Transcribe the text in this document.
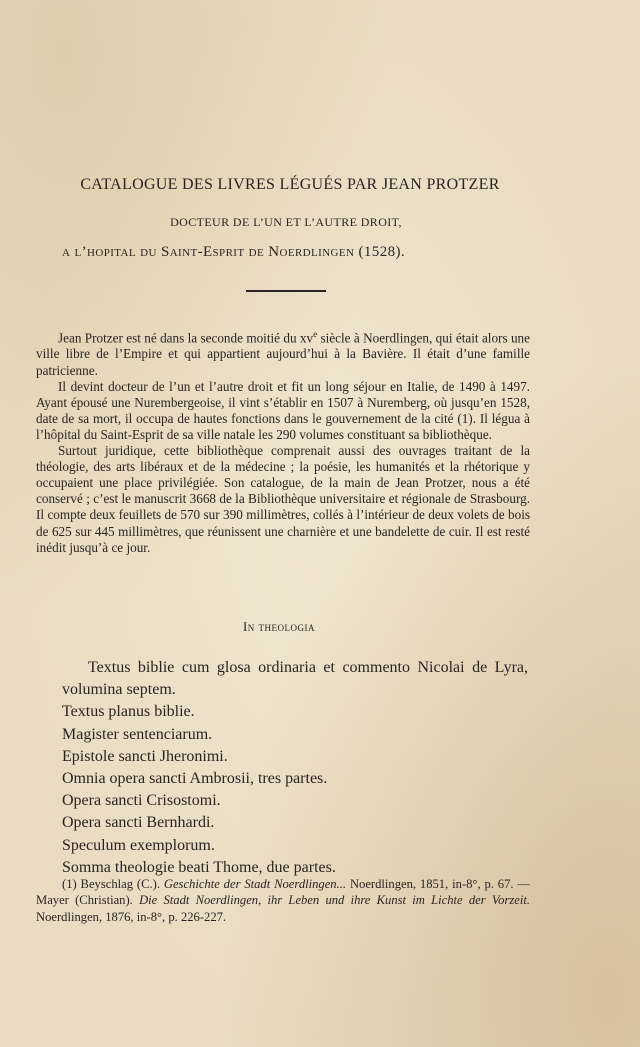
CATALOGUE DES LIVRES LÉGUÉS PAR JEAN PROTZER
DOCTEUR DE L’UN ET L’AUTRE DROIT,
a l’hopital du Saint-Esprit de Noerdlingen (1528).

Jean Protzer est né dans la seconde moitié du $xv^e$ siècle à Noerdlingen, qui était alors une ville libre de l’Empire et qui appartient aujourd’hui à la Bavière. Il était d’une famille patricienne.

Il devint docteur de l’un et l’autre droit et fit un long séjour en Italie, de 1490 à 1497. Ayant épousé une Nurembergeoise, il vint s’établir en 1507 à Nuremberg, où jusqu’en 1528, date de sa mort, il occupa de hautes fonctions dans le gouvernement de la cité (1). Il légua à l’hôpital du Saint-Esprit de sa ville natale les 290 volumes constituant sa bibliothèque.

Surtout juridique, cette bibliothèque comprenait aussi des ouvrages traitant de la théologie, des arts libéraux et de la médecine ; la poésie, les humanités et la rhétorique y occupaient une place privilégiée. Son catalogue, de la main de Jean Protzer, nous a été conservé ; c’est le manuscrit 3668 de la Bibliothèque universitaire et régionale de Strasbourg. Il compte deux feuillets de 570 sur 390 millimètres, collés à l’intérieur de deux volets de bois de 625 sur 445 millimètres, que réunissent une charnière et une bandelette de cuir. Il est resté inédit jusqu’à ce jour.

In theologia
Textus biblie cum glosa ordinaria et commento Nicolai de Lyra, volumina septem.
Textus planus biblie.
Magister sentenciarum.
Epistole sancti Jheronimi.
Omnia opera sancti Ambrosii, tres partes.
Opera sancti Crisostomi.
Opera sancti Bernhardi.
Speculum exemplorum.
Somma theologie beati Thome, due partes.

(1) Beyschlag (C.). Geschichte der Stadt Noerdlingen... Noerdlingen, 1851, in-8°, p. 67. — Mayer (Christian). Die Stadt Noerdlingen, ihr Leben und ihre Kunst im Lichte der Vorzeit. Noerdlingen, 1876, in-8°, p. 226-227.
